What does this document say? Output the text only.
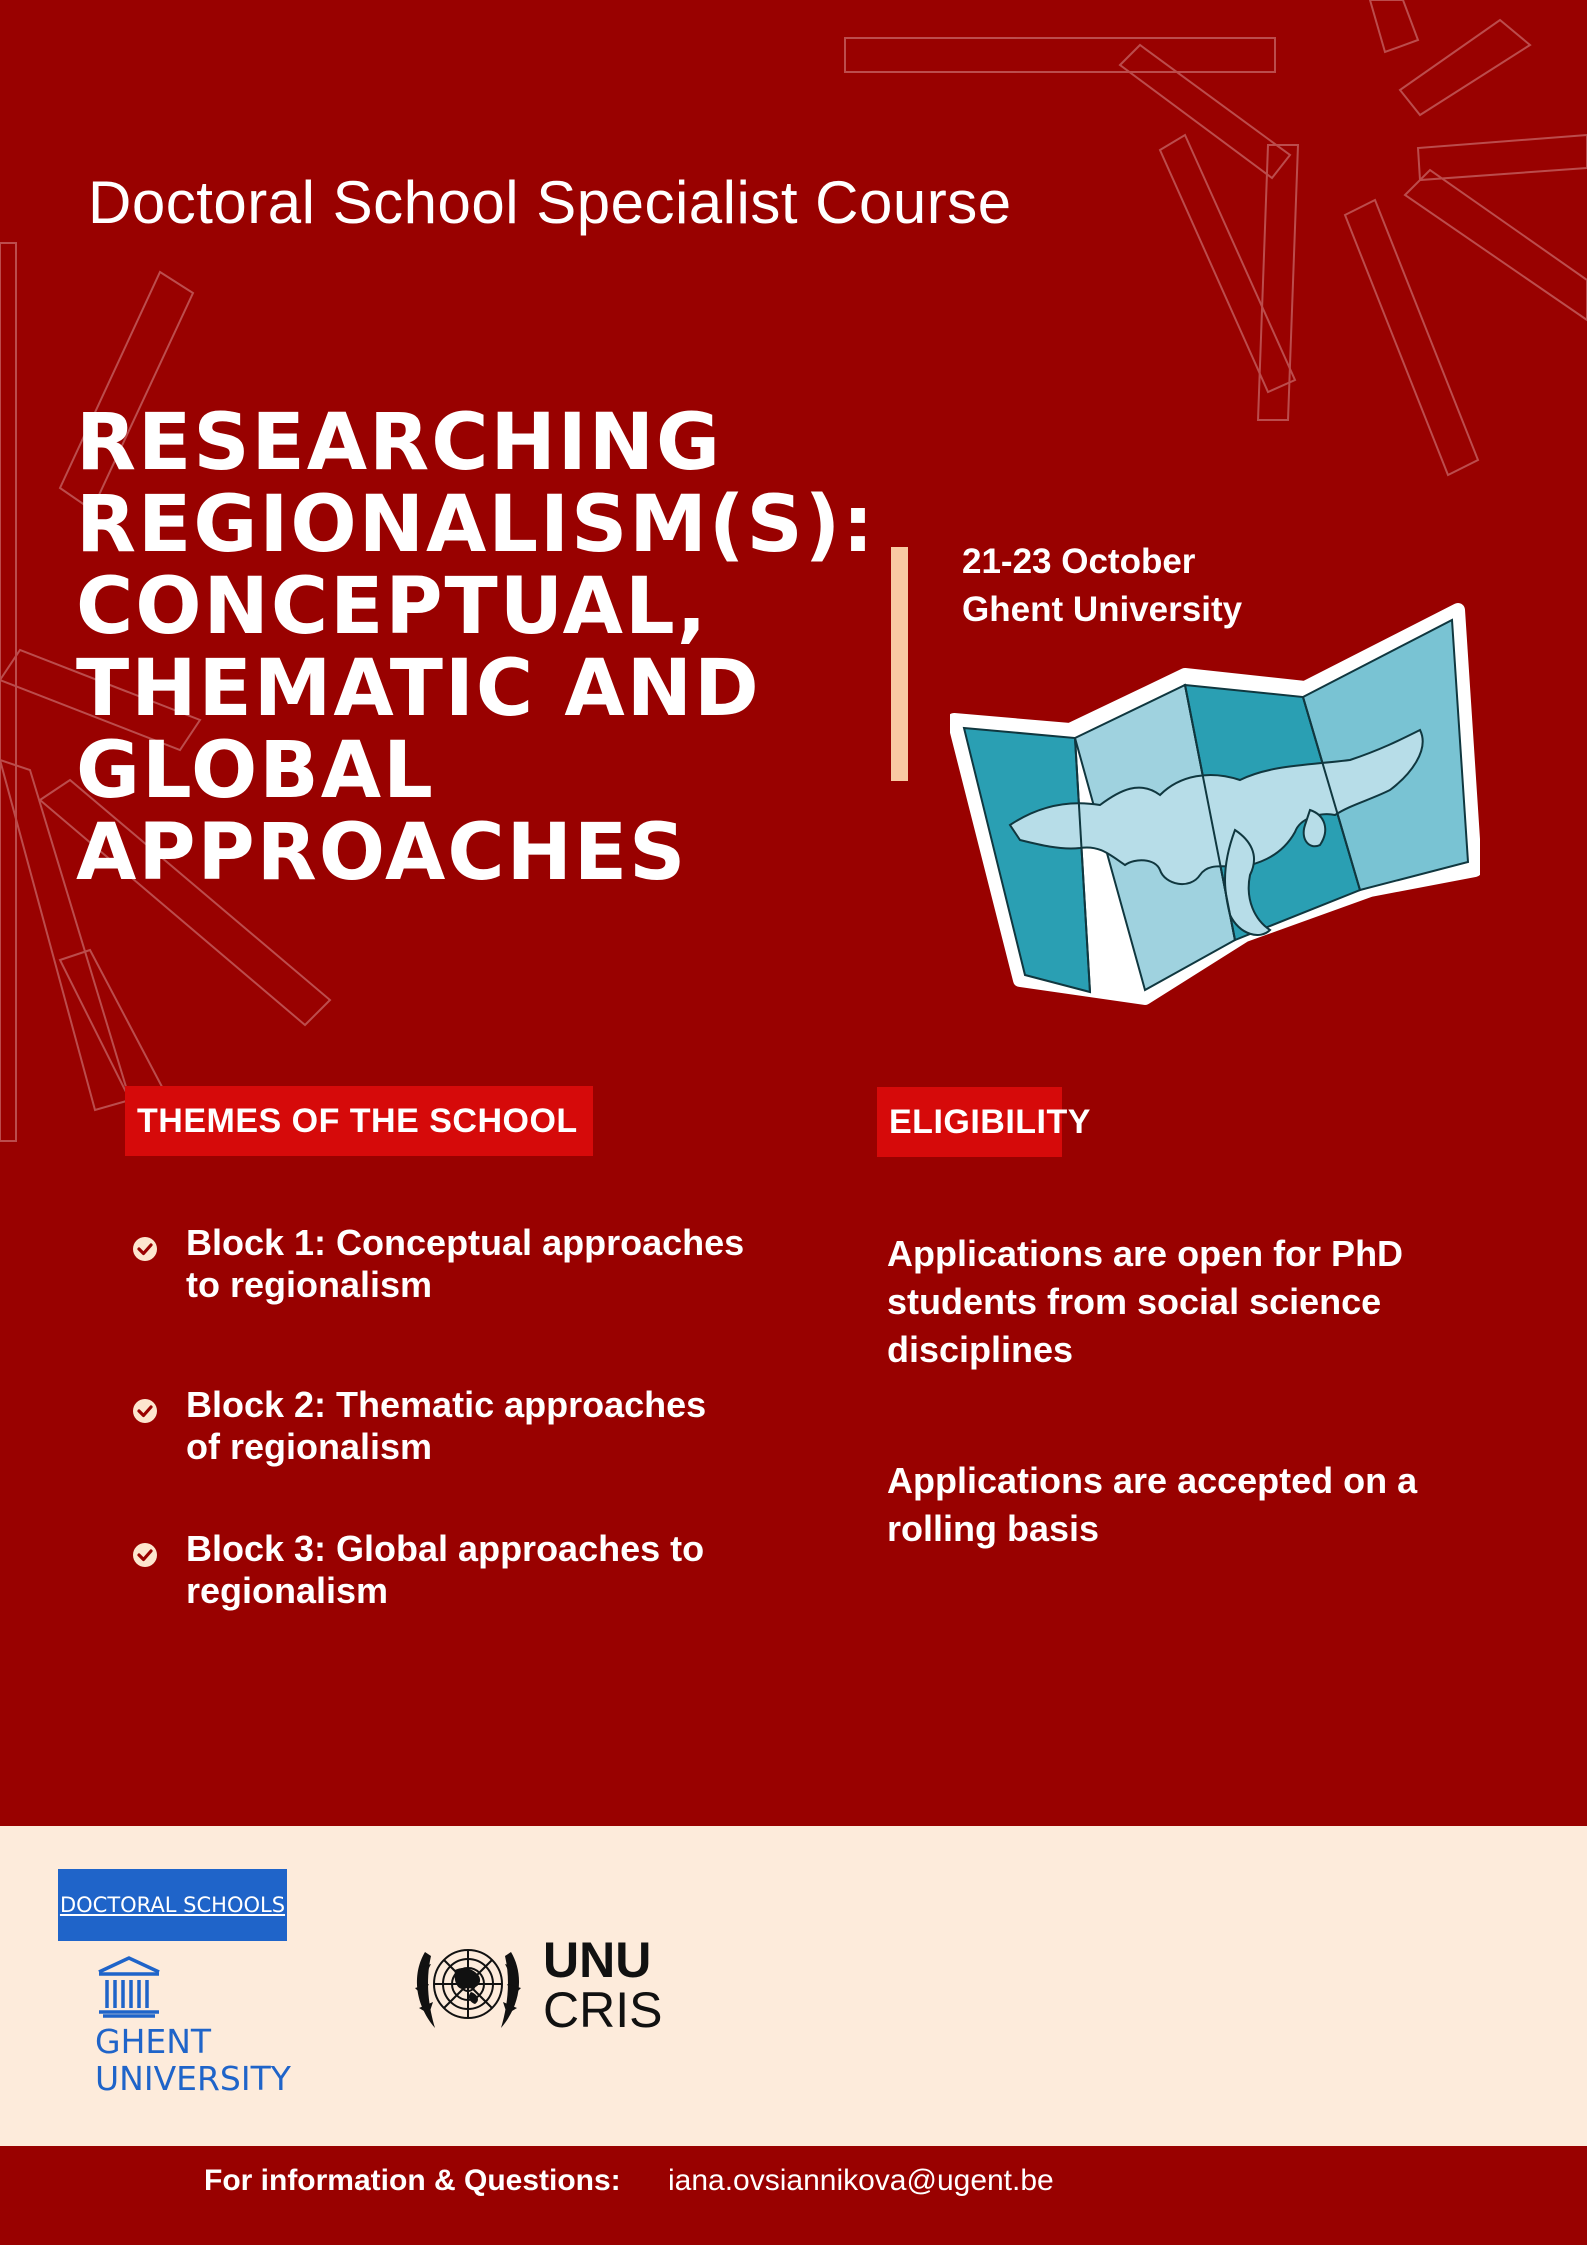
Doctoral School Specialist Course
RESEARCHING
REGIONALISM(S):
CONCEPTUAL,
THEMATIC AND
GLOBAL
APPROACHES
21-23 October
Ghent University
THEMES OF THE SCHOOL
Block 1: Conceptual approaches
to regionalism
Block 2: Thematic approaches
of regionalism
Block 3: Global approaches to
regionalism
ELIGIBILITY
Applications are open for PhD
students from social science
disciplines
Applications are accepted on a
rolling basis
DOCTORAL SCHOOLS
GHENT
UNIVERSITY
UNU
CRIS
For information & Questions: iana.ovsiannikova@ugent.be
